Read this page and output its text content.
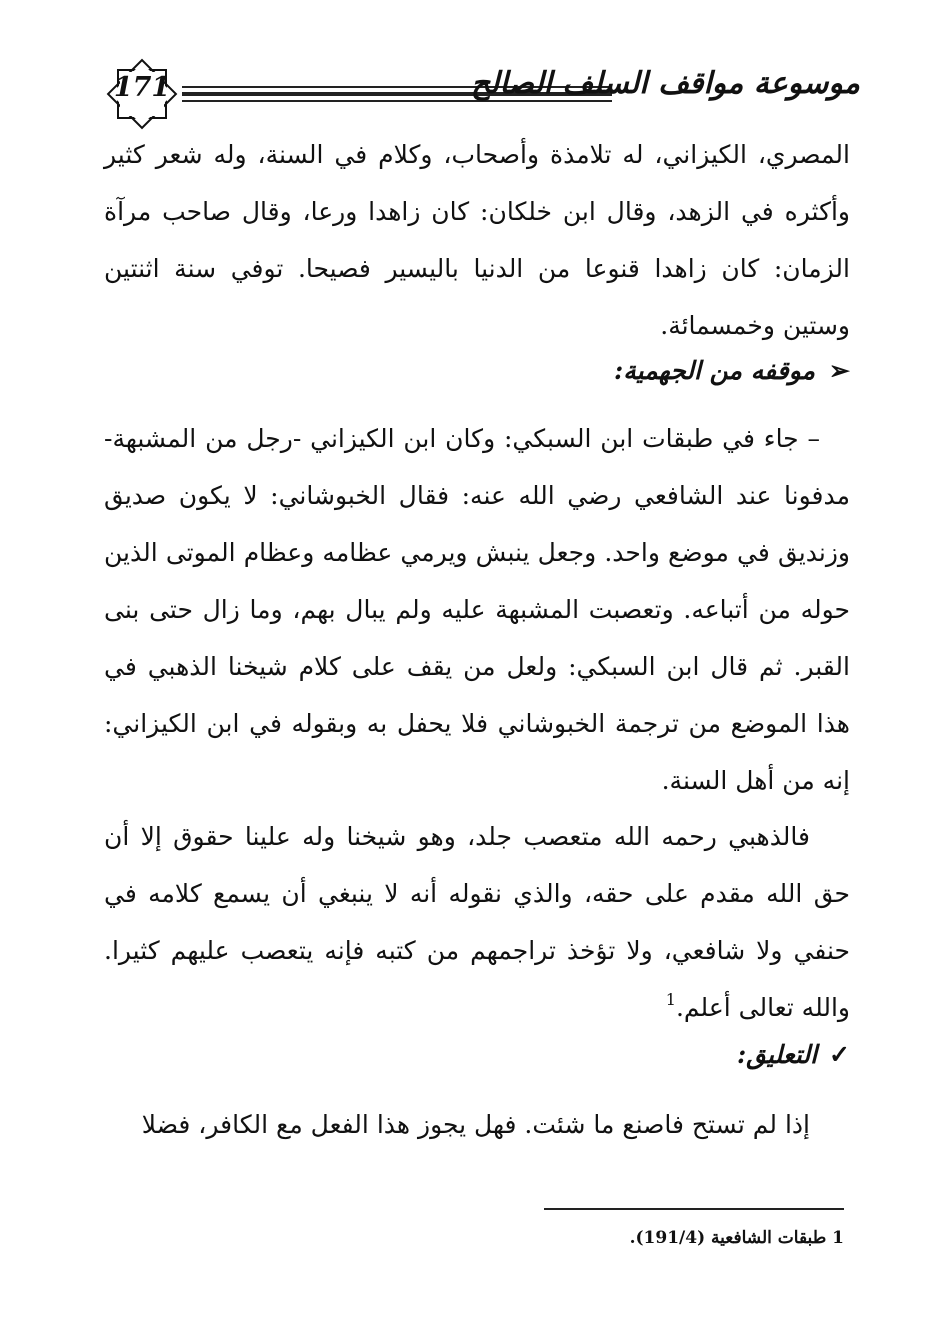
171	موسوعة مواقف السلف الصالح
المصري، الكيزاني، له تلامذة وأصحاب، وكلام في السنة، وله شعر كثير وأكثره في الزهد، وقال ابن خلكان: كان زاهدا ورعا، وقال صاحب مرآة الزمان: كان زاهدا قنوعا من الدنيا باليسير فصيحا. توفي سنة اثنتين وستين وخمسمائة.
➢موقفه من الجهمية:
– جاء في طبقات ابن السبكي: وكان ابن الكيزاني -رجل من المشبهة- مدفونا عند الشافعي رضي الله عنه: فقال الخبوشاني: لا يكون صديق وزنديق في موضع واحد. وجعل ينبش ويرمي عظامه وعظام الموتى الذين حوله من أتباعه. وتعصبت المشبهة عليه ولم يبال بهم، وما زال حتى بنى القبر. ثم قال ابن السبكي: ولعل من يقف على كلام شيخنا الذهبي في هذا الموضع من ترجمة الخبوشاني فلا يحفل به وبقوله في ابن الكيزاني: إنه من أهل السنة.
فالذهبي رحمه الله متعصب جلد، وهو شيخنا وله علينا حقوق إلا أن حق الله مقدم على حقه، والذي نقوله أنه لا ينبغي أن يسمع كلامه في حنفي ولا شافعي، ولا تؤخذ تراجمهم من كتبه فإنه يتعصب عليهم كثيرا. والله تعالى أعلم.$^1$
✓التعليق:
إذا لم تستح فاصنع ما شئت. فهل يجوز هذا الفعل مع الكافر، فضلا
1 طبقات الشافعية (191/4).
